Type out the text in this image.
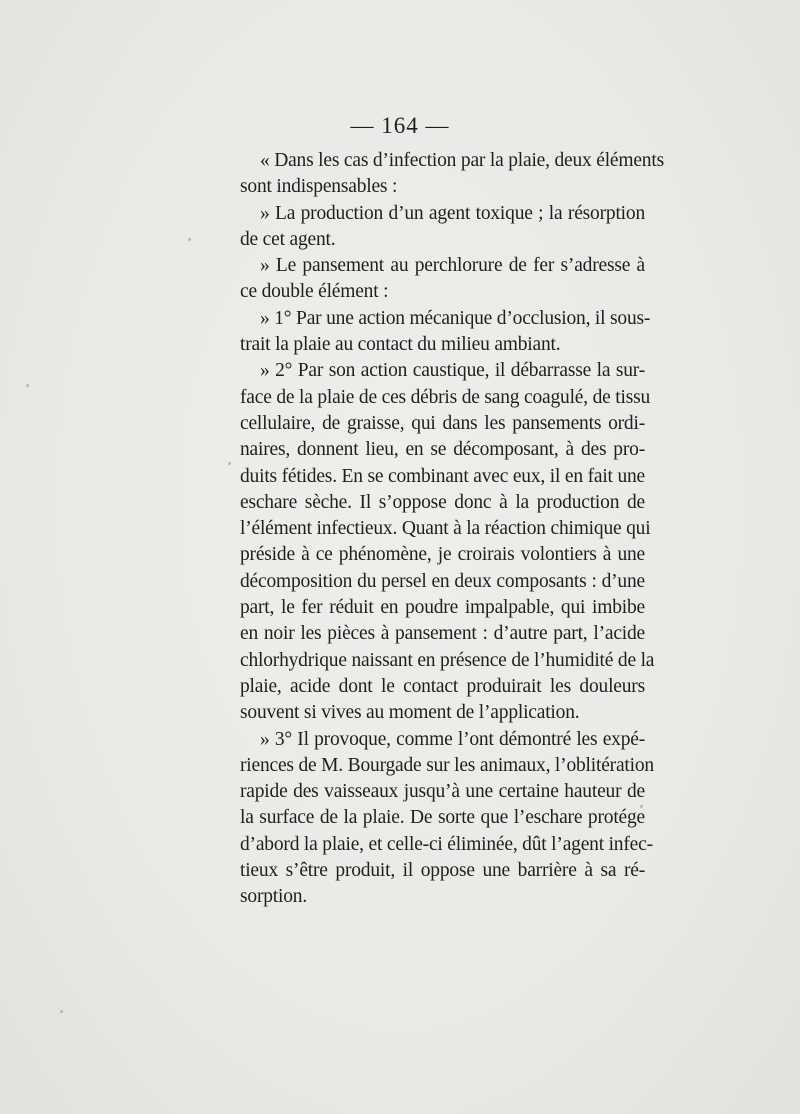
— 164 —
« Dans les cas d’infection par la plaie, deux éléments
sont indispensables :
» La production d’un agent toxique ; la résorption
de cet agent.
» Le pansement au perchlorure de fer s’adresse à
ce double élément :
» 1° Par une action mécanique d’occlusion, il sous-
trait la plaie au contact du milieu ambiant.
» 2° Par son action caustique, il débarrasse la sur-
face de la plaie de ces débris de sang coagulé, de tissu
cellulaire, de graisse, qui dans les pansements ordi-
naires, donnent lieu, en se décomposant, à des pro-
duits fétides. En se combinant avec eux, il en fait une
eschare sèche. Il s’oppose donc à la production de
l’élément infectieux. Quant à la réaction chimique qui
préside à ce phénomène, je croirais volontiers à une
décomposition du persel en deux composants : d’une
part, le fer réduit en poudre impalpable, qui imbibe
en noir les pièces à pansement : d’autre part, l’acide
chlorhydrique naissant en présence de l’humidité de la
plaie, acide dont le contact produirait les douleurs
souvent si vives au moment de l’application.
» 3° Il provoque, comme l’ont démontré les expé-
riences de M. Bourgade sur les animaux, l’oblitération
rapide des vaisseaux jusqu’à une certaine hauteur de
la surface de la plaie. De sorte que l’eschare protége
d’abord la plaie, et celle-ci éliminée, dût l’agent infec-
tieux s’être produit, il oppose une barrière à sa ré-
sorption.
